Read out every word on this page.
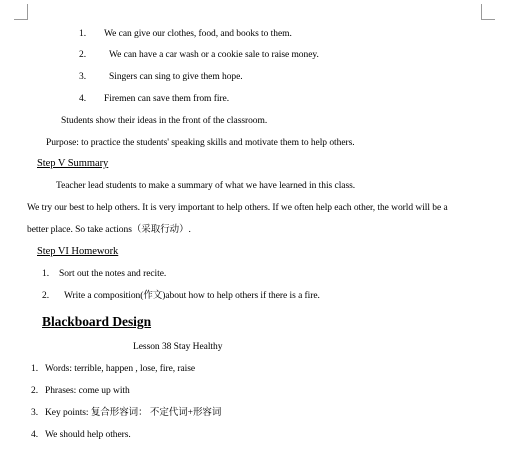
1. We can give our clothes, food, and books to them.
2. We can have a car wash or a cookie sale to raise money.
3. Singers can sing to give them hope.
4. Firemen can save them from fire.
Students show their ideas in the front of the classroom.
Purpose: to practice the students' speaking skills and motivate them to help others.
Step V Summary
Teacher lead students to make a summary of what we have learned in this class.
We try our best to help others. It is very important to help others. If we often help each other, the world will be a
better place. So take actions（采取行动）.
Step VI Homework
1. Sort out the notes and recite.
2. Write a composition(作文)about how to help others if there is a fire.
Blackboard Design
Lesson 38 Stay Healthy
1. Words: terrible, happen , lose, fire, raise
2. Phrases: come up with
3. Key points: 复合形容词： 不定代词+形容词
4. We should help others.
